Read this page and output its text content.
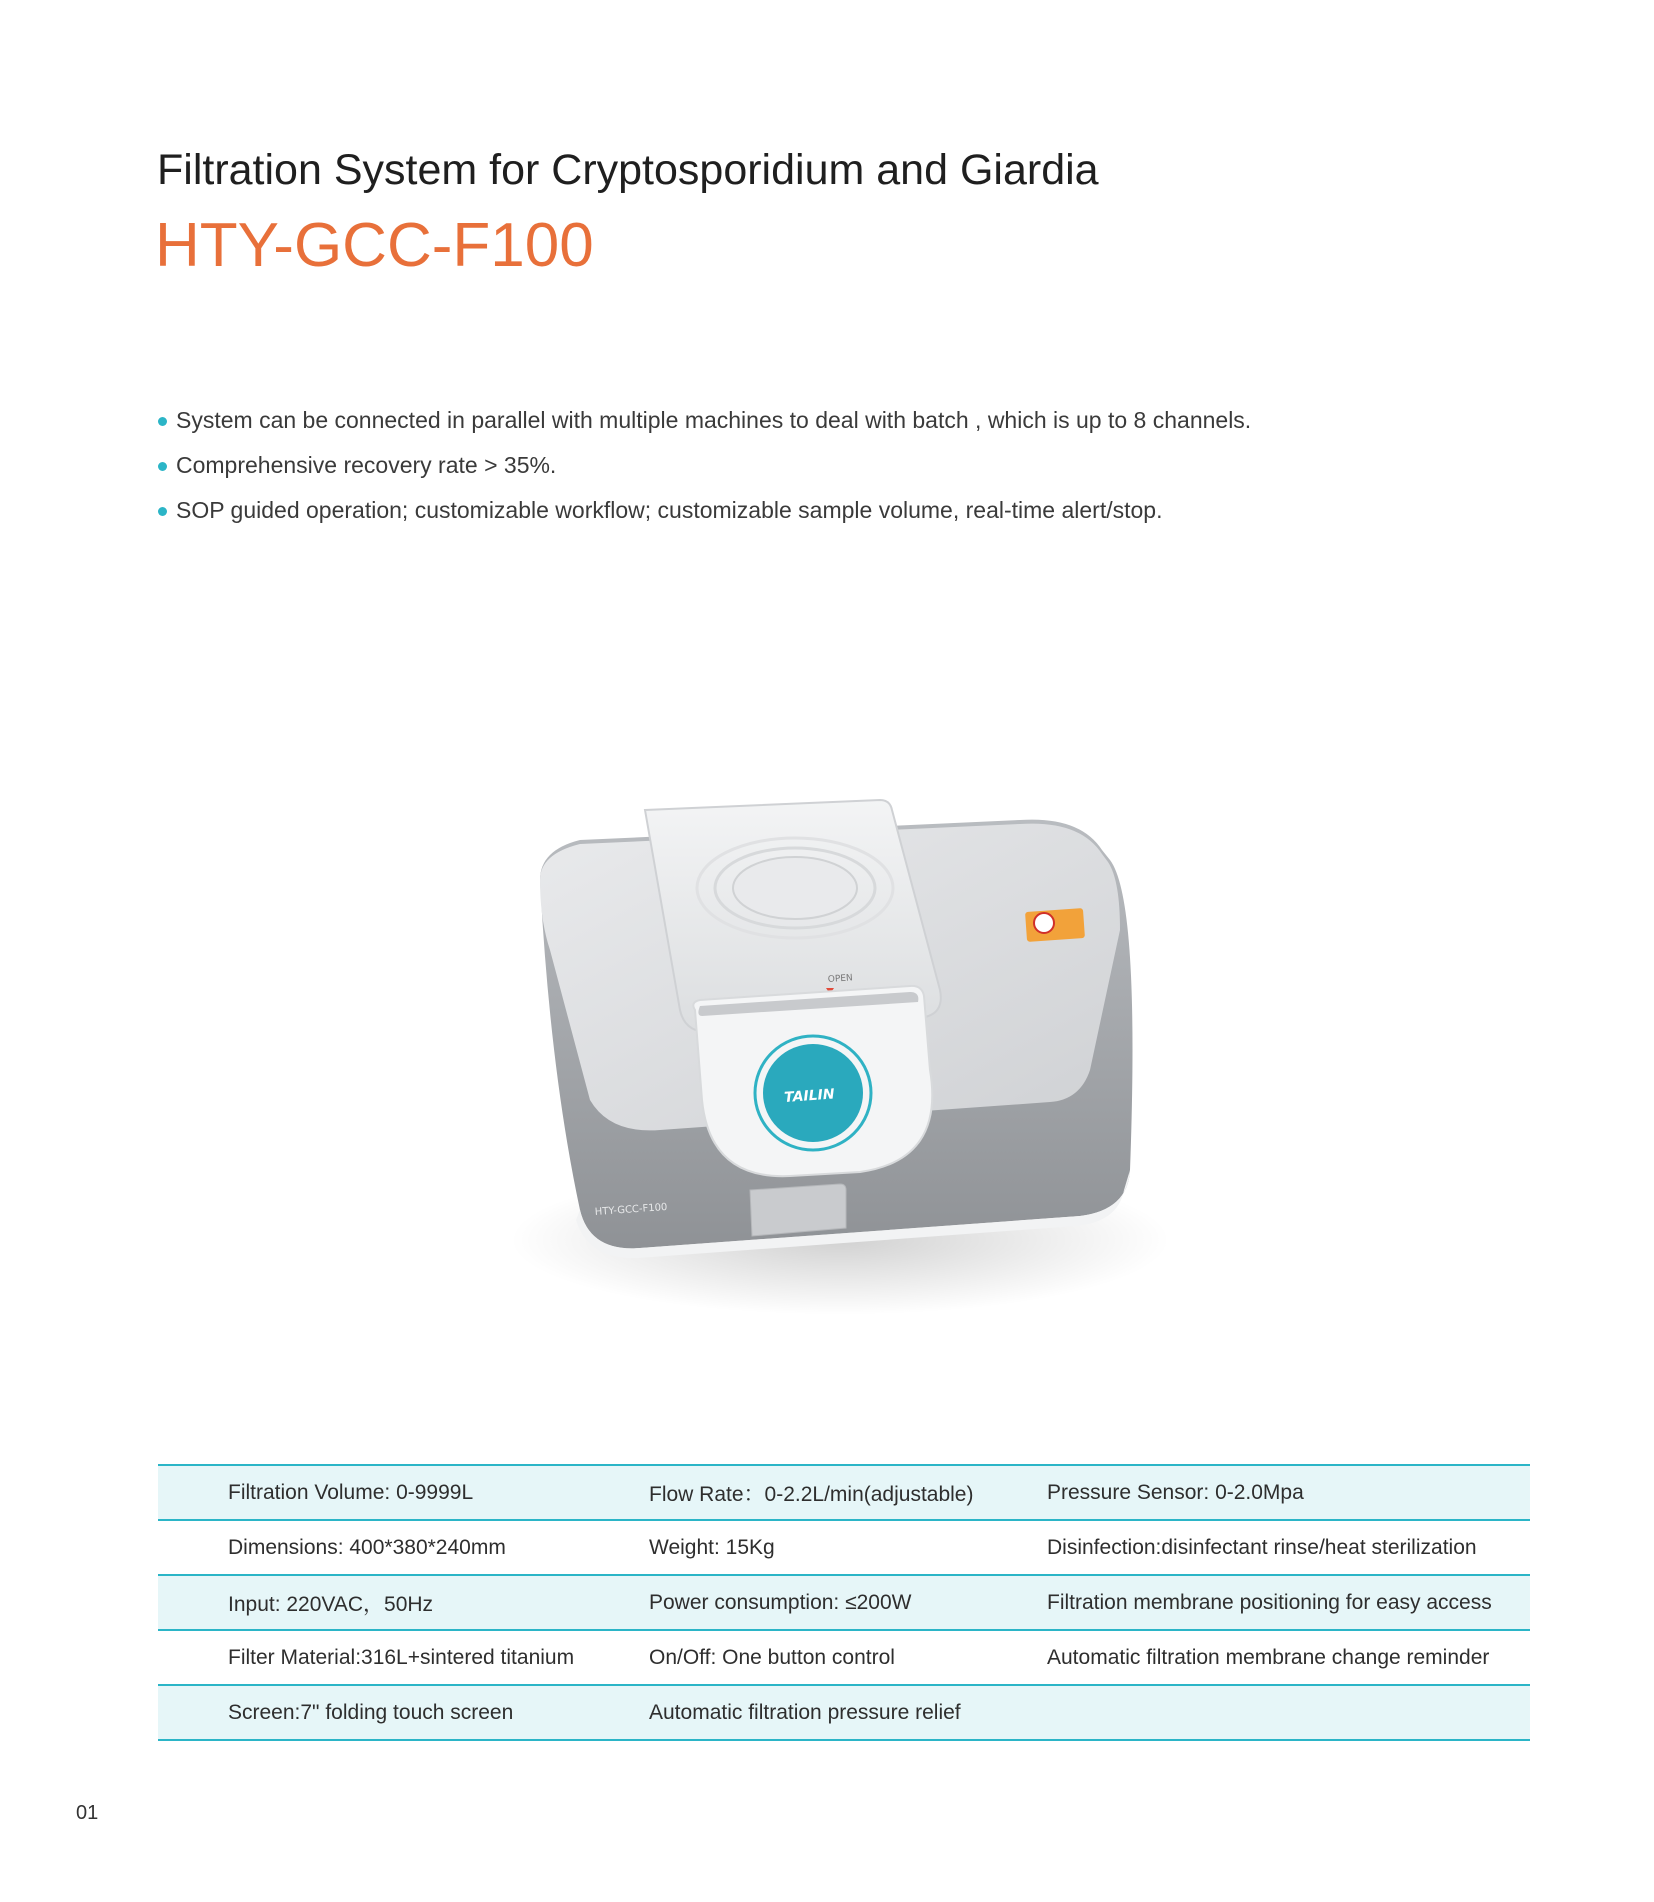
Filtration System for Cryptosporidium and Giardia
HTY-GCC-F100
System can be connected in parallel with multiple machines to deal with batch , which is up to 8 channels.
Comprehensive recovery rate > 35%.
SOP guided operation; customizable workflow; customizable sample volume, real-time alert/stop.
OPEN
TAILIN
HTY-GCC-F100
Filtration Volume: 0-9999L	Flow Rate：0-2.2L/min(adjustable)	Pressure Sensor: 0-2.0Mpa
Dimensions: 400*380*240mm	Weight: 15Kg	Disinfection:disinfectant rinse/heat sterilization
Input: 220VAC，50Hz	Power consumption: ≤200W	Filtration membrane positioning for easy access
Filter Material:316L+sintered titanium	On/Off: One button control	Automatic filtration membrane change reminder
Screen:7" folding touch screen	Automatic filtration pressure relief	
01
